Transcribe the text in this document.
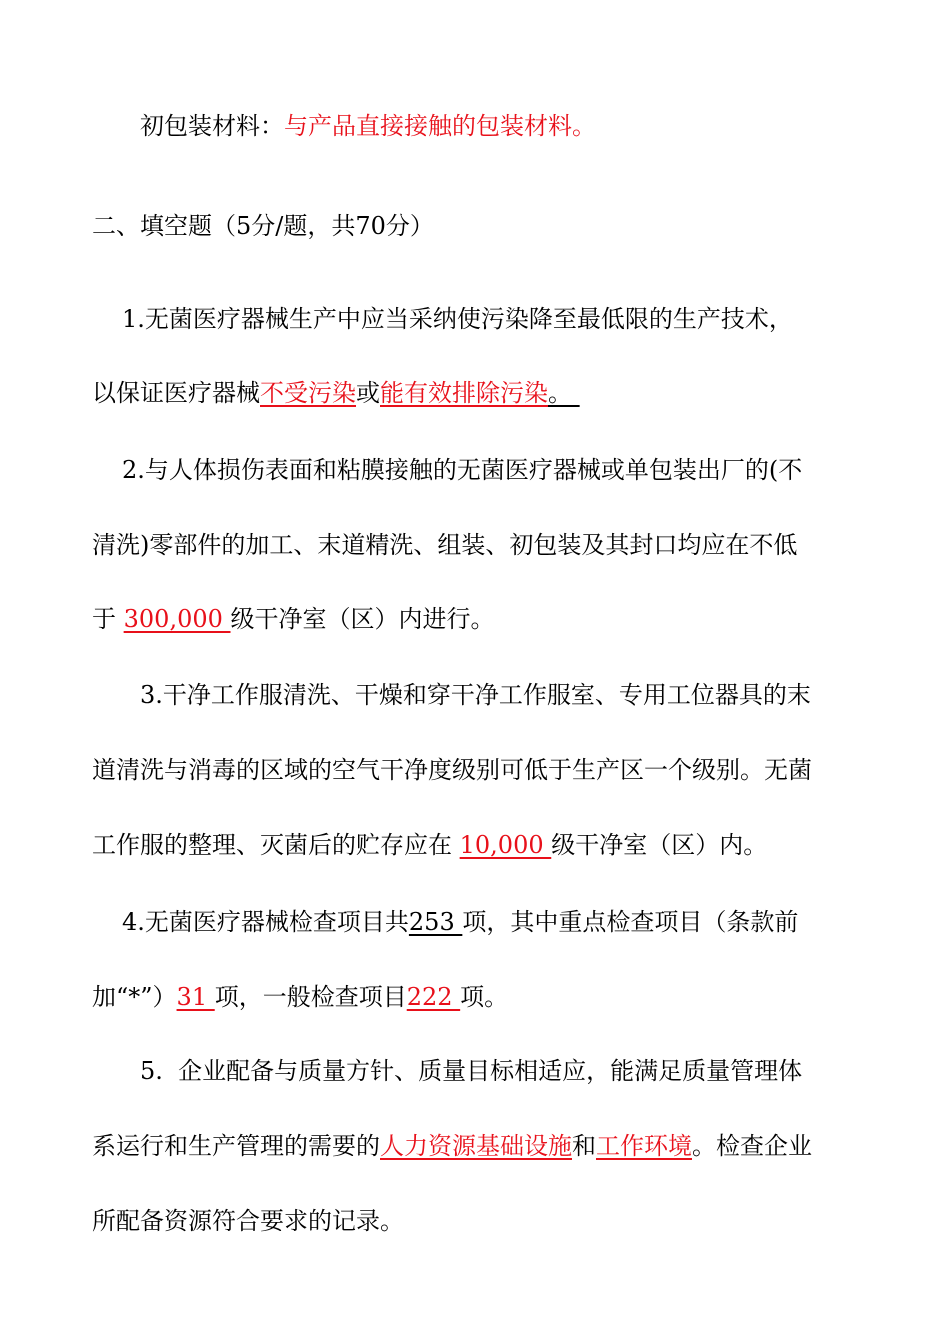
初包装材料：与产品直接接触的包装材料。
二、填空题（5分/题，共70分）
1.无菌医疗器械生产中应当采纳使污染降至最低限的生产技术，
以保证医疗器械不受污染或能有效排除污染。
2.与人体损伤表面和粘膜接触的无菌医疗器械或单包装出厂的(不
清洗)零部件的加工、末道精洗、组装、初包装及其封口均应在不低
于 300,000 级干净室（区）内进行。
3.干净工作服清洗、干燥和穿干净工作服室、专用工位器具的末
道清洗与消毒的区域的空气干净度级别可低于生产区一个级别。无菌
工作服的整理、灭菌后的贮存应在 10,000 级干净室（区）内。
4.无菌医疗器械检查项目共253 项，其中重点检查项目（条款前
加“*”）31 项，一般检查项目222 项。
5.  企业配备与质量方针、质量目标相适应，能满足质量管理体
系运行和生产管理的需要的人力资源基础设施和工作环境。检查企业
所配备资源符合要求的记录。
